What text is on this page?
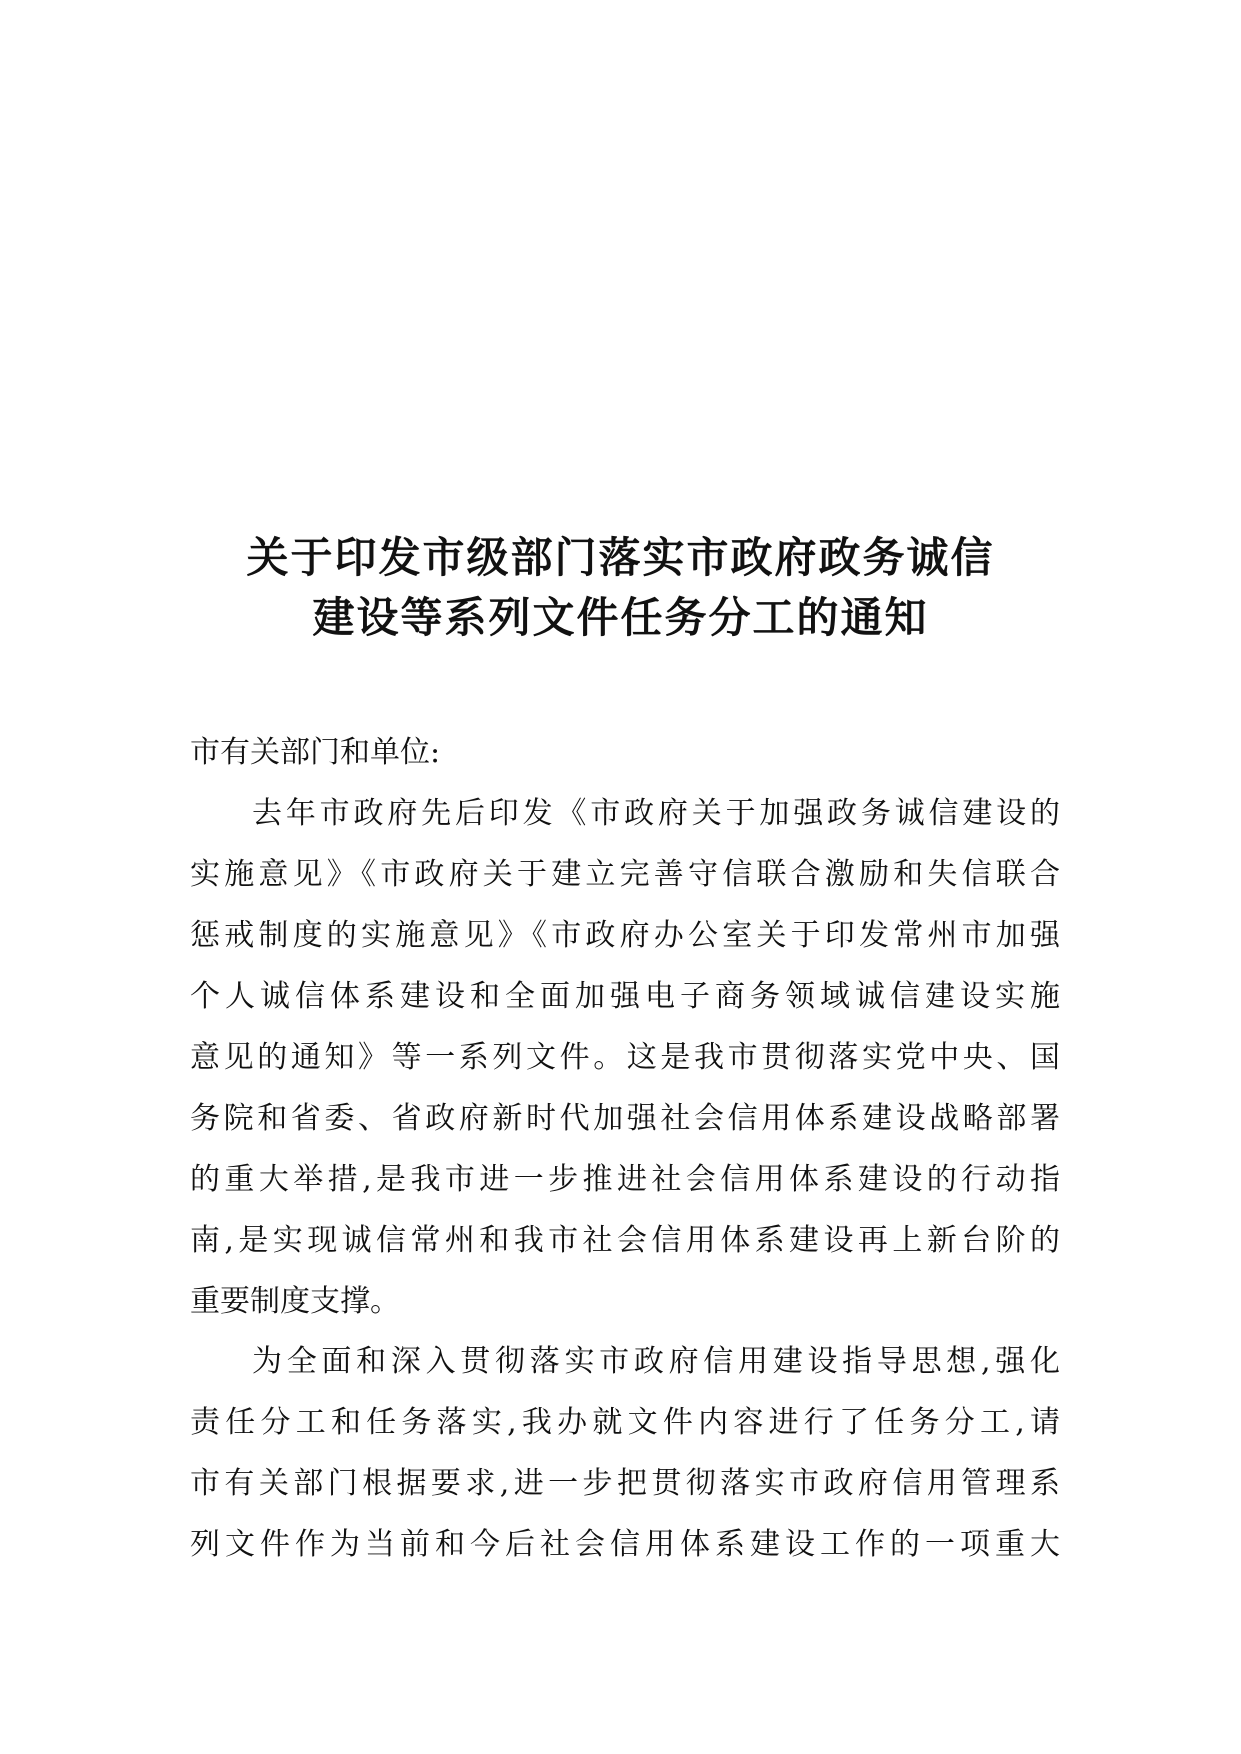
关于印发市级部门落实市政府政务诚信
建设等系列文件任务分工的通知
市有关部门和单位:
去年市政府先后印发《市政府关于加强政务诚信建设的
实施意见》《市政府关于建立完善守信联合激励和失信联合
惩戒制度的实施意见》《市政府办公室关于印发常州市加强
个人诚信体系建设和全面加强电子商务领域诚信建设实施
意见的通知》等一系列文件。这是我市贯彻落实党中央、国
务院和省委、省政府新时代加强社会信用体系建设战略部署
的重大举措,是我市进一步推进社会信用体系建设的行动指
南,是实现诚信常州和我市社会信用体系建设再上新台阶的
重要制度支撑。
为全面和深入贯彻落实市政府信用建设指导思想,强化
责任分工和任务落实,我办就文件内容进行了任务分工,请
市有关部门根据要求,进一步把贯彻落实市政府信用管理系
列文件作为当前和今后社会信用体系建设工作的一项重大
